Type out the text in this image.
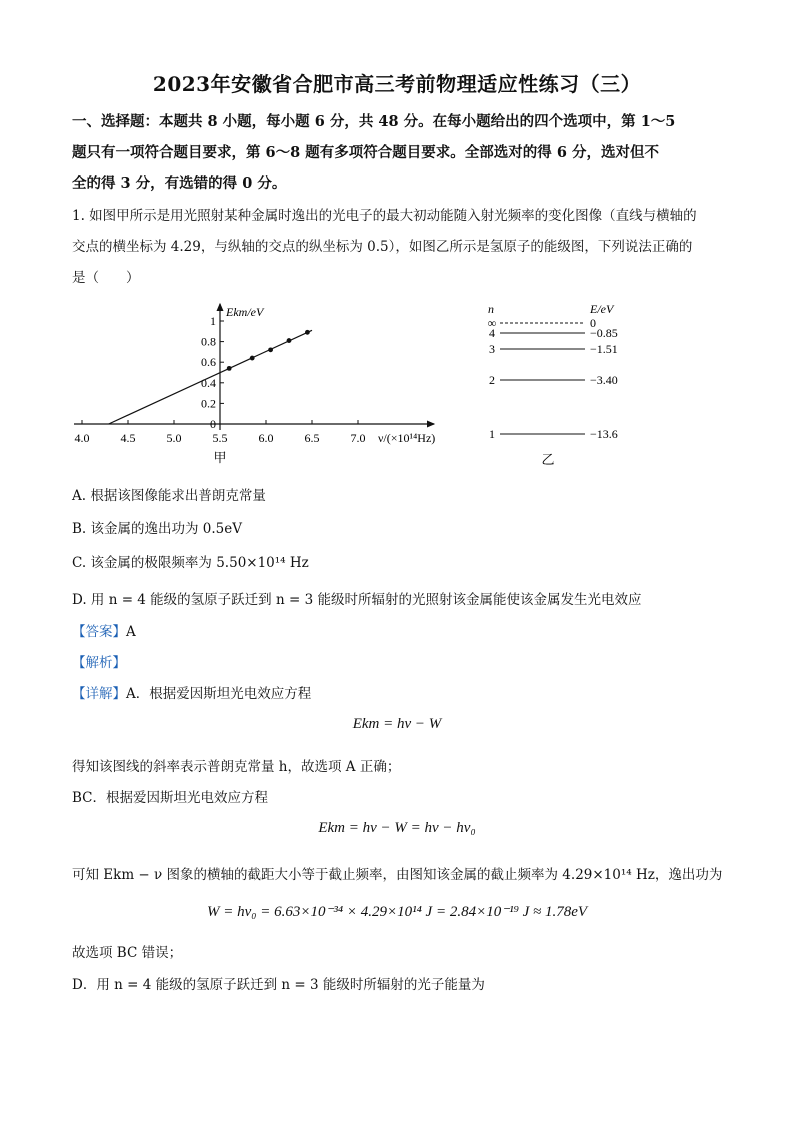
2023年安徽省合肥市高三考前物理适应性练习（三）
一、选择题：本题共 8 小题，每小题 6 分，共 48 分。在每小题给出的四个选项中，第 1～5
题只有一项符合题目要求，第 6～8 题有多项符合题目要求。全部选对的得 6 分，选对但不
全的得 3 分，有选错的得 0 分。
1. 如图甲所示是用光照射某种金属时逸出的光电子的最大初动能随入射光频率的变化图像（直线与横轴的
交点的横坐标为 4.29，与纵轴的交点的纵坐标为 0.5），如图乙所示是氢原子的能级图，下列说法正确的
是（　　）
0
0.2
0.4
0.6
0.8
1
4.0	4.5	5.0	5.5	6.0	6.5	7.0
Ekm/eV
ν/(×10¹⁴Hz)
甲
n	E/eV
∞	0
4	−0.85
3	−1.51
2	−3.40
1	−13.6
乙
A. 根据该图像能求出普朗克常量
B. 该金属的逸出功为 0.5eV
C. 该金属的极限频率为 5.50×10¹⁴ Hz
D. 用 n = 4 能级的氢原子跃迁到 n = 3 能级时所辐射的光照射该金属能使该金属发生光电效应
【答案】A
【解析】
【详解】A．根据爱因斯坦光电效应方程
Ekm = hν − W
得知该图线的斜率表示普朗克常量 h，故选项 A 正确；
BC．根据爱因斯坦光电效应方程
Ekm = hν − W = hν − hν₀
可知 Ekm − ν 图象的横轴的截距大小等于截止频率，由图知该金属的截止频率为 4.29×10¹⁴ Hz，逸出功为
W = hν₀ = 6.63×10⁻³⁴ × 4.29×10¹⁴ J = 2.84×10⁻¹⁹ J ≈ 1.78eV
故选项 BC 错误；
D．用 n = 4 能级的氢原子跃迁到 n = 3 能级时所辐射的光子能量为
